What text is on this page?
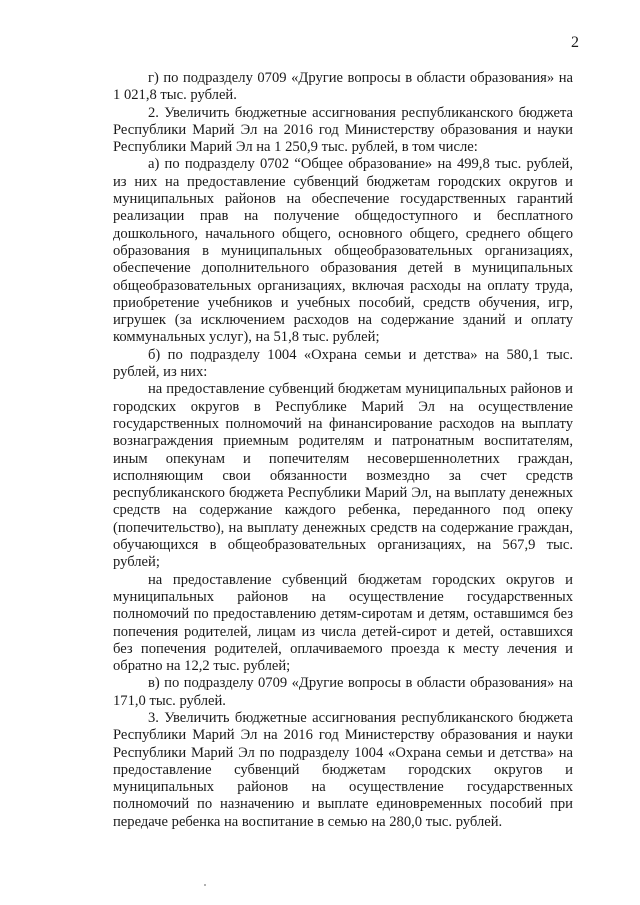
2

г) по подразделу 0709 «Другие вопросы в области образования» на 1 021,8 тыс. рублей.

2. Увеличить бюджетные ассигнования республиканского бюджета Республики Марий Эл на 2016 год Министерству образования и науки Республики Марий Эл на 1 250,9 тыс. рублей, в том числе:

а) по подразделу 0702 “Общее образование» на 499,8 тыс. рублей, из них на предоставление субвенций бюджетам городских округов и муниципальных районов на обеспечение государственных гарантий реализации прав на получение общедоступного и бесплатного дошкольного, начального общего, основного общего, среднего общего образования в муниципальных общеобразовательных организациях, обеспечение дополнительного образования детей в муниципальных общеобразовательных организациях, включая расходы на оплату труда, приобретение учебников и учебных пособий, средств обучения, игр, игрушек (за исключением расходов на содержание зданий и оплату коммунальных услуг), на 51,8 тыс. рублей;

б) по подразделу 1004 «Охрана семьи и детства» на 580,1 тыс. рублей, из них:

на предоставление субвенций бюджетам муниципальных районов и городских округов в Республике Марий Эл на осуществление государственных полномочий на финансирование расходов на выплату вознаграждения приемным родителям и патронатным воспитателям, иным опекунам и попечителям несовершеннолетних граждан, исполняющим свои обязанности возмездно за счет средств республиканского бюджета Республики Марий Эл, на выплату денежных средств на содержание каждого ребенка, переданного под опеку (попечительство), на выплату денежных средств на содержание граждан, обучающихся в общеобразовательных организациях, на 567,9 тыс. рублей;

на предоставление субвенций бюджетам городских округов и муниципальных районов на осуществление государственных полномочий по предоставлению детям-сиротам и детям, оставшимся без попечения родителей, лицам из числа детей-сирот и детей, оставшихся без попечения родителей, оплачиваемого проезда к месту лечения и обратно на 12,2 тыс. рублей;

в) по подразделу 0709 «Другие вопросы в области образования» на 171,0 тыс. рублей.

3. Увеличить бюджетные ассигнования республиканского бюджета Республики Марий Эл на 2016 год Министерству образования и науки Республики Марий Эл по подразделу 1004 «Охрана семьи и детства» на предоставление субвенций бюджетам городских округов и муниципальных районов на осуществление государственных полномочий по назначению и выплате единовременных пособий при передаче ребенка на воспитание в семью на 280,0 тыс. рублей.
